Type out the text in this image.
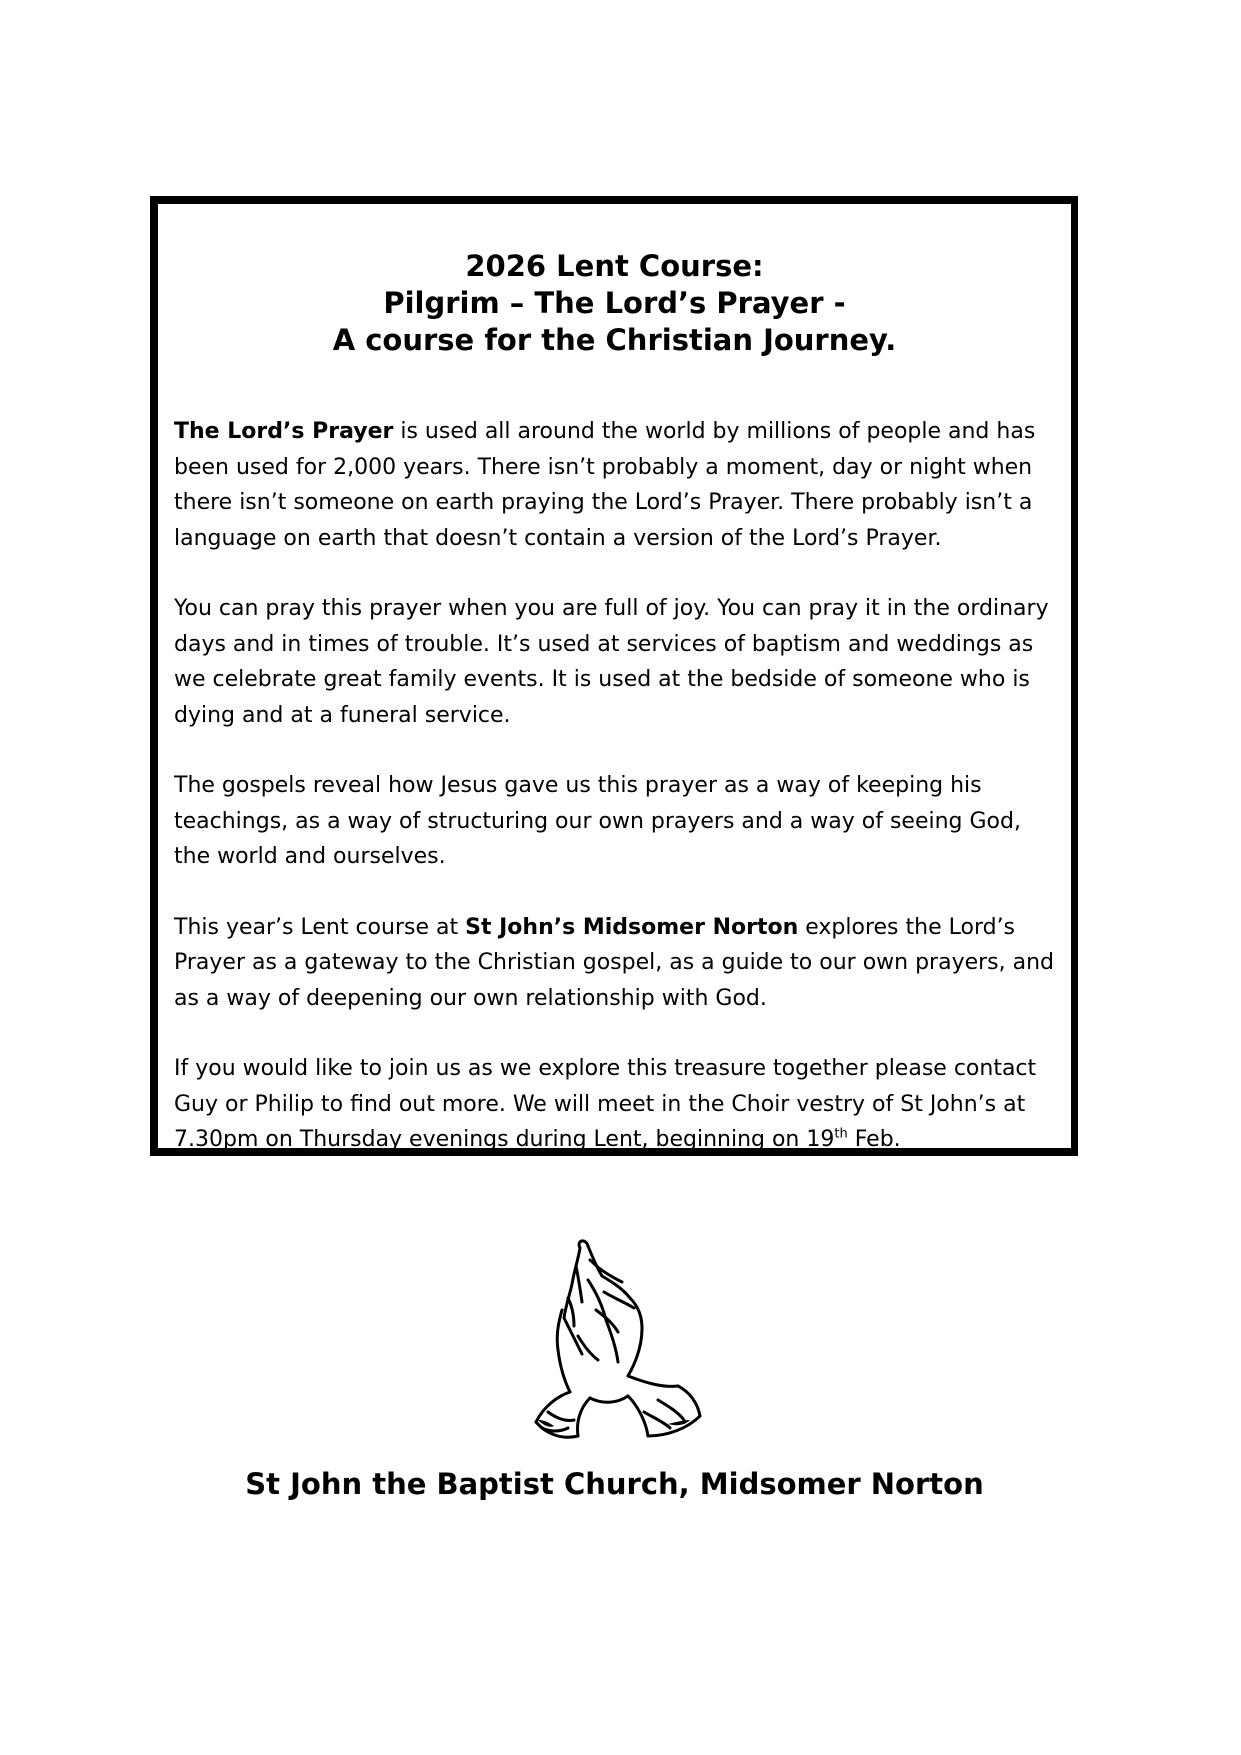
2026 Lent Course:
Pilgrim – The Lord’s Prayer -
A course for the Christian Journey.

The Lord’s Prayer is used all around the world by millions of people and has been used for 2,000 years. There isn’t probably a moment, day or night when there isn’t someone on earth praying the Lord’s Prayer. There probably isn’t a language on earth that doesn’t contain a version of the Lord’s Prayer.

You can pray this prayer when you are full of joy. You can pray it in the ordinary days and in times of trouble. It’s used at services of baptism and weddings as we celebrate great family events. It is used at the bedside of someone who is dying and at a funeral service.

The gospels reveal how Jesus gave us this prayer as a way of keeping his teachings, as a way of structuring our own prayers and a way of seeing God, the world and ourselves.

This year’s Lent course at St John’s Midsomer Norton explores the Lord’s Prayer as a gateway to the Christian gospel, as a guide to our own prayers, and as a way of deepening our own relationship with God.

If you would like to join us as we explore this treasure together please contact Guy or Philip to find out more. We will meet in the Choir vestry of St John’s at 7.30pm on Thursday evenings during Lent, beginning on 19th Feb.

St John the Baptist Church, Midsomer Norton
